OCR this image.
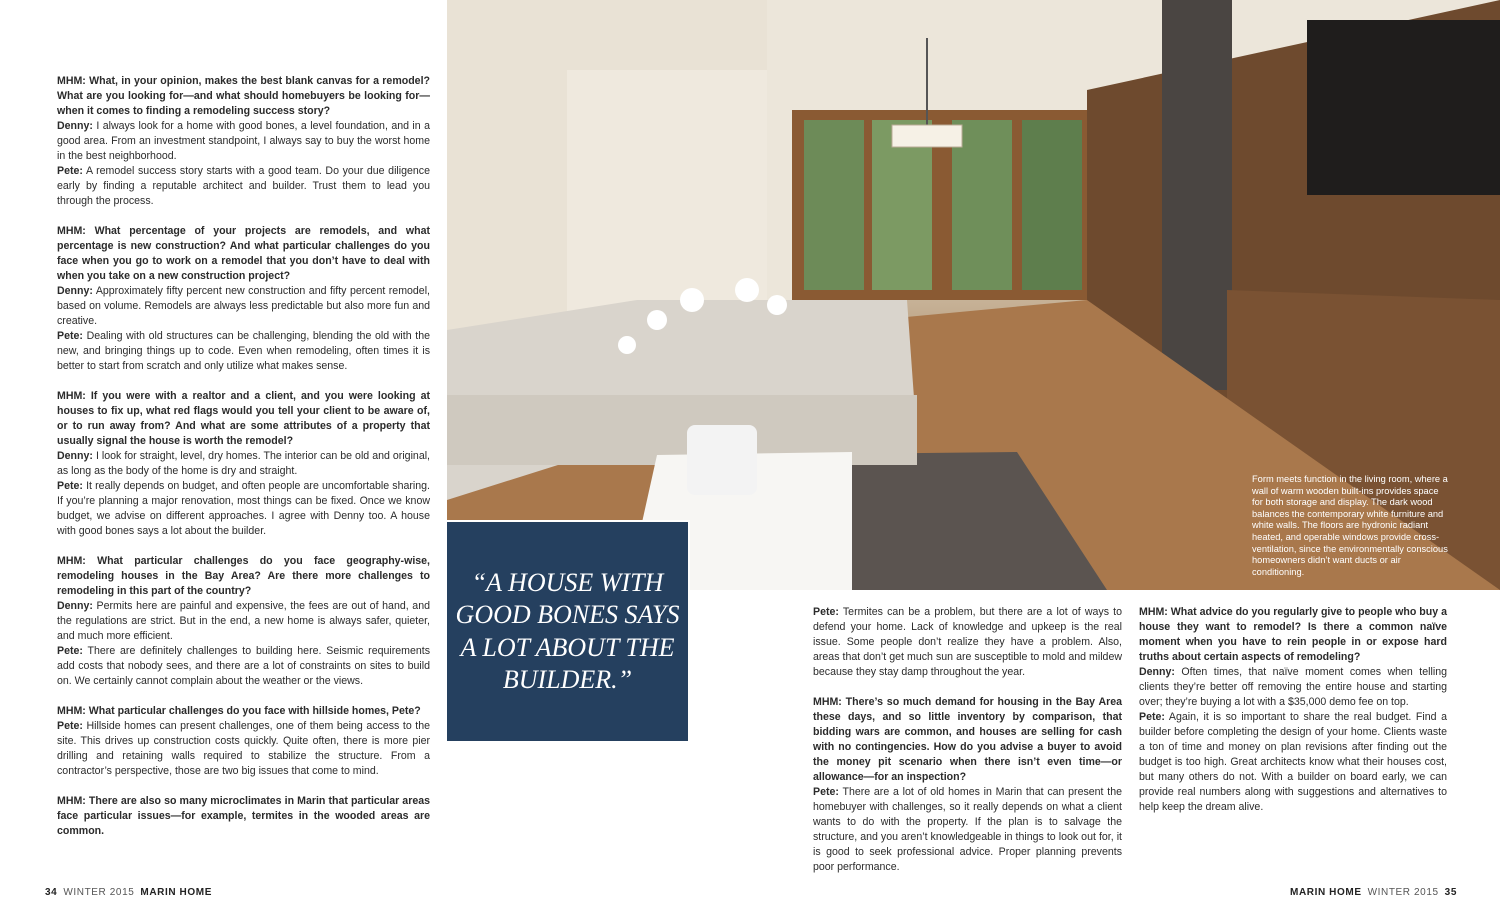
Form meets function in the living room, where a wall of warm wooden built-ins provides space for both storage and display. The dark wood balances the contemporary white furniture and white walls. The floors are hydronic radiant heated, and operable windows provide cross-ventilation, since the environmentally conscious homeowners didn’t want ducts or air conditioning.
“A HOUSE WITH GOOD BONES SAYS A LOT ABOUT THE BUILDER.”

MHM: What, in your opinion, makes the best blank canvas for a remodel? What are you looking for—and what should homebuyers be looking for—when it comes to finding a remodeling success story?
Denny: I always look for a home with good bones, a level foundation, and in a good area. From an investment standpoint, I always say to buy the worst home in the best neighborhood.
Pete: A remodel success story starts with a good team. Do your due diligence early by finding a reputable architect and builder. Trust them to lead you through the process.

MHM: What percentage of your projects are remodels, and what percentage is new construction? And what particular challenges do you face when you go to work on a remodel that you don’t have to deal with when you take on a new construction project?
Denny: Approximately fifty percent new construction and fifty percent remodel, based on volume. Remodels are always less predictable but also more fun and creative.
Pete: Dealing with old structures can be challenging, blending the old with the new, and bringing things up to code. Even when remodeling, often times it is better to start from scratch and only utilize what makes sense.

MHM: If you were with a realtor and a client, and you were looking at houses to fix up, what red flags would you tell your client to be aware of, or to run away from? And what are some attributes of a property that usually signal the house is worth the remodel?
Denny: I look for straight, level, dry homes. The interior can be old and original, as long as the body of the home is dry and straight.
Pete: It really depends on budget, and often people are uncomfortable sharing. If you’re planning a major renovation, most things can be fixed. Once we know budget, we advise on different approaches. I agree with Denny too. A house with good bones says a lot about the builder.

MHM: What particular challenges do you face geography-wise, remodeling houses in the Bay Area? Are there more challenges to remodeling in this part of the country?
Denny: Permits here are painful and expensive, the fees are out of hand, and the regulations are strict. But in the end, a new home is always safer, quieter, and much more efficient.
Pete: There are definitely challenges to building here. Seismic requirements add costs that nobody sees, and there are a lot of constraints on sites to build on. We certainly cannot complain about the weather or the views.

MHM: What particular challenges do you face with hillside homes, Pete?
Pete: Hillside homes can present challenges, one of them being access to the site. This drives up construction costs quickly. Quite often, there is more pier drilling and retaining walls required to stabilize the structure. From a contractor’s perspective, those are two big issues that come to mind.

MHM: There are also so many microclimates in Marin that particular areas face particular issues—for example, termites in the wooded areas are common.

Pete: Termites can be a problem, but there are a lot of ways to defend your home. Lack of knowledge and upkeep is the real issue. Some people don’t realize they have a problem. Also, areas that don’t get much sun are susceptible to mold and mildew because they stay damp throughout the year.

MHM: There’s so much demand for housing in the Bay Area these days, and so little inventory by comparison, that bidding wars are common, and houses are selling for cash with no contingencies. How do you advise a buyer to avoid the money pit scenario when there isn’t even time—or allowance—for an inspection?
Pete: There are a lot of old homes in Marin that can present the homebuyer with challenges, so it really depends on what a client wants to do with the property. If the plan is to salvage the structure, and you aren’t knowledgeable in things to look out for, it is good to seek professional advice. Proper planning prevents poor performance.

MHM: What advice do you regularly give to people who buy a house they want to remodel? Is there a common naïve moment when you have to rein people in or expose hard truths about certain aspects of remodeling?
Denny: Often times, that naïve moment comes when telling clients they’re better off removing the entire house and starting over; they’re buying a lot with a $35,000 demo fee on top.
Pete: Again, it is so important to share the real budget. Find a builder before completing the design of your home. Clients waste a ton of time and money on plan revisions after finding out the budget is too high. Great architects know what their houses cost, but many others do not. With a builder on board early, we can provide real numbers along with suggestions and alternatives to help keep the dream alive.

34 WINTER 2015 MARIN HOME	MARIN HOME WINTER 2015 35
